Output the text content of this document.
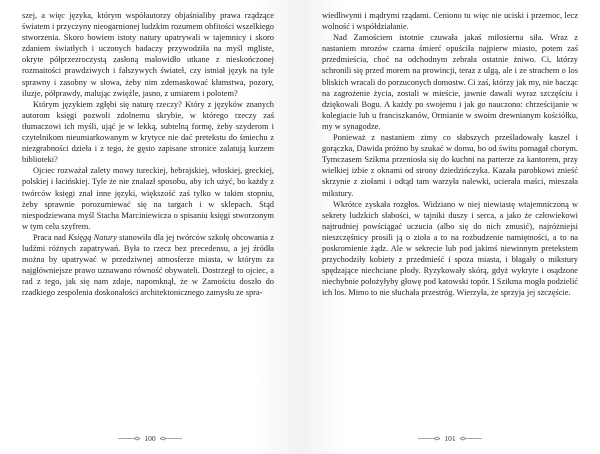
szej, a więc języka, którym współautorzy objaśnialiby prawa rządzące światem i przyczyny nieogarnionej ludzkim rozumem obfitości wszelkiego stworzenia. Skoro bowiem istoty natury upatrywali w tajemnicy i skoro zdaniem światłych i uczonych badaczy przywodziła na myśl mgliste, okryte półprzezroczystą zasłoną malowidło utkane z nieskończonej rozmaitości prawdziwych i fałszywych świateł, czy istniał język na tyle sprawny i zasobny w słowa, żeby nim zdemaskować kłamstwa, pozory, iluzje, półprawdy, malując zwięźle, jasno, z umiarem i polotem?

Którym językiem zgłębi się naturę rzeczy? Który z języków znanych autorom księgi pozwoli zdolnemu skrybie, w którego rzeczy zaś tłumaczowi ich myśli, ująć je w lekką, subtelną formę, żeby szyderom i czytelnikom nieumiarkowanym w krytyce nie dać pretekstu do śmiechu z niezgrabności dzieła i z tego, że gęsto zapisane stronice zalatują kurzem biblioteki?

Ojciec rozważał zalety mowy tureckiej, hebrajskiej, włoskiej, greckiej, polskiej i łacińskiej. Tyle że nie znalazł sposobu, aby ich użyć, bo każdy z twórców księgi znał inne języki, większość zaś tylko w takim stopniu, żeby sprawnie porozumiewać się na targach i w sklepach. Stąd niespodziewana myśl Stacha Marciniewicza o spisaniu księgi stworzonym w tym celu szyfrem.

Praca nad Księgą Natury stanowiła dla jej twórców szkołę obcowania z ludźmi różnych zapatrywań. Była to rzecz bez precedensu, a jej źródła można by upatrywać w przedziwnej atmosferze miasta, w którym za najgłówniejsze prawo uznawano równość obywateli. Dostrzegł to ojciec, a rad z tego, jak się nam zdaje, napomknął, że w Zamościu doszło do rzadkiego zespolenia doskonałości architektonicznego zamysłu ze spra-

100

wiedliwymi i mądrymi rządami. Ceniono tu więc nie uciski i przemoc, lecz wolność i współdziałanie.

Nad Zamościem istotnie czuwała jakaś miłosierna siła. Wraz z nastaniem mrozów czarna śmierć opuściła najpierw miasto, potem zaś przedmieścia, choć na odchodnym zebrała ostatnie żniwo. Ci, którzy schronili się przed morem na prowincji, teraz z ulgą, ale i ze strachem o los bliskich wracali do porzuconych domostw. Ci zaś, którzy jak my, nie bacząc na zagrożenie życia, zostali w mieście, jawnie dawali wyraz szczęściu i dziękowali Bogu. A każdy po swojemu i jak go nauczono: chrześcijanie w kolegiacie lub u franciszkanów, Ormianie w swoim drewnianym kościółku, my w synagodze.

Ponieważ z nastaniem zimy co słabszych prześladowały kaszel i gorączka, Dawida próżno by szukać w domu, bo od świtu pomagał chorym. Tymczasem Szikma przeniosła się do kuchni na parterze za kantorem, przy wielkiej izbie z oknami od strony dziedzińczyka. Kazała parobkowi znieść skrzynie z ziołami i odtąd tam warzyła nalewki, ucierała maści, mieszała mikstury.

Wkrótce zyskała rozgłos. Widziano w niej niewiastę wtajemniczoną w sekrety ludzkich słabości, w tajniki duszy i serca, a jako że człowiekowi najtrudniej powściągać uczucia (albo się do nich zmusić), najróżniejsi nieszczęśnicy prosili ją o zioła a to na rozbudzenie namiętności, a to na poskromienie żądz. Ale w sekrecie lub pod jakimś niewinnym pretekstem przychodziły kobiety z przedmieść i spoza miasta, i błagały o mikstury spędzające niechciane płody. Ryzykowały skórą, gdyż wykryte i osądzone niechybnie położyłyby głowę pod katowski topór. I Szikma mogła podzielić ich los. Mimo to nie słuchała przestróg. Wierzyła, że sprzyja jej szczęście.

101
